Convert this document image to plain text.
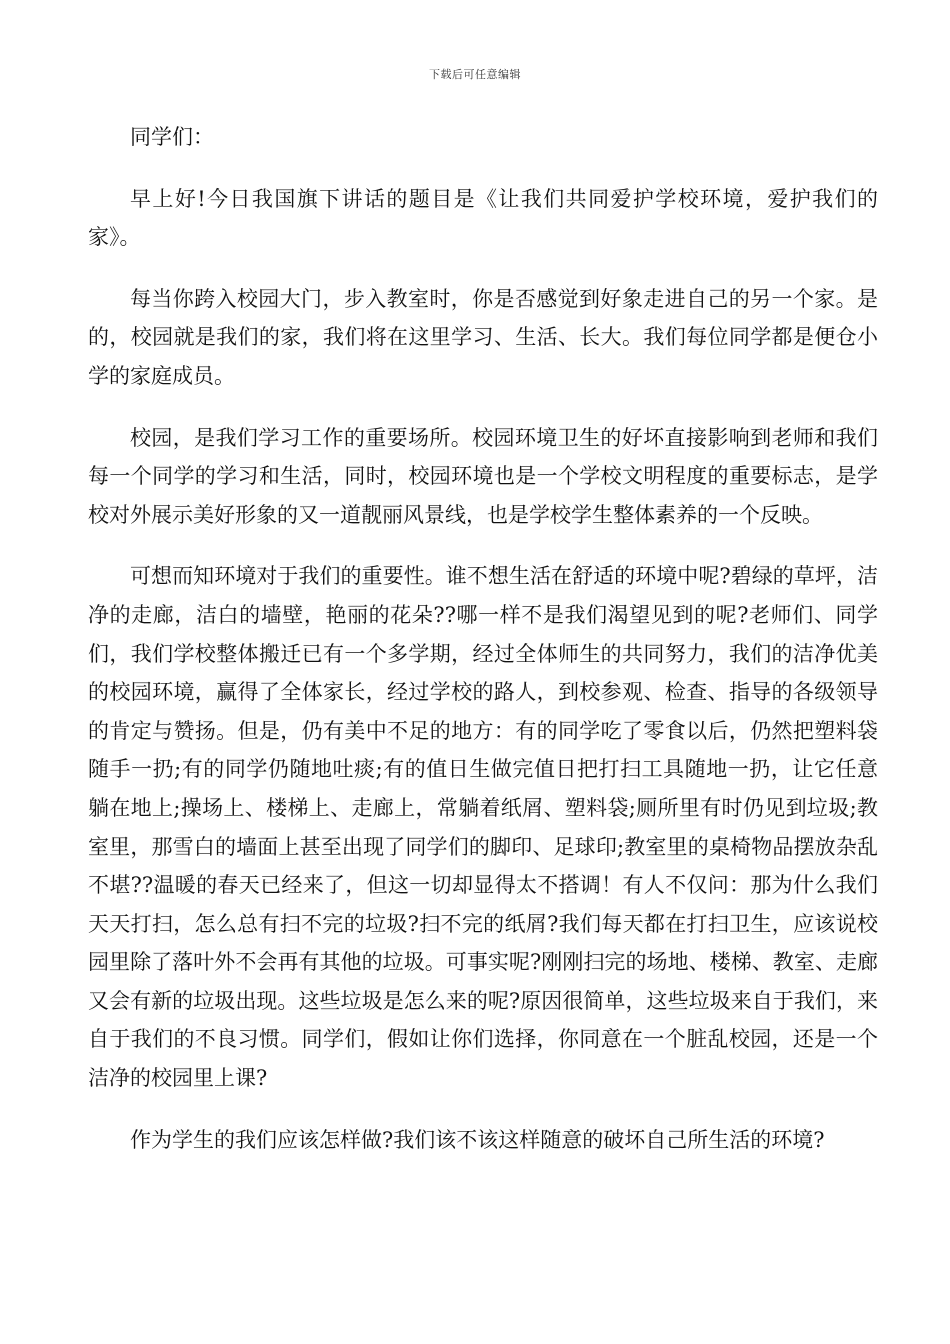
下载后可任意编辑

同学们：

早上好!今日我国旗下讲话的题目是《让我们共同爱护学校环境，爱护我们的家》。

每当你跨入校园大门，步入教室时，你是否感觉到好象走进自己的另一个家。是的，校园就是我们的家，我们将在这里学习、生活、长大。我们每位同学都是便仓小学的家庭成员。

校园，是我们学习工作的重要场所。校园环境卫生的好坏直接影响到老师和我们每一个同学的学习和生活，同时，校园环境也是一个学校文明程度的重要标志，是学校对外展示美好形象的又一道靓丽风景线，也是学校学生整体素养的一个反映。

可想而知环境对于我们的重要性。谁不想生活在舒适的环境中呢?碧绿的草坪，洁净的走廊，洁白的墙壁，艳丽的花朵??哪一样不是我们渴望见到的呢?老师们、同学们，我们学校整体搬迁已有一个多学期，经过全体师生的共同努力，我们的洁净优美的校园环境，赢得了全体家长，经过学校的路人，到校参观、检查、指导的各级领导的肯定与赞扬。但是，仍有美中不足的地方：有的同学吃了零食以后，仍然把塑料袋随手一扔;有的同学仍随地吐痰;有的值日生做完值日把打扫工具随地一扔，让它任意躺在地上;操场上、楼梯上、走廊上，常躺着纸屑、塑料袋;厕所里有时仍见到垃圾;教室里，那雪白的墙面上甚至出现了同学们的脚印、足球印;教室里的桌椅物品摆放杂乱不堪??温暖的春天已经来了，但这一切却显得太不搭调！有人不仅问：那为什么我们天天打扫，怎么总有扫不完的垃圾?扫不完的纸屑?我们每天都在打扫卫生，应该说校园里除了落叶外不会再有其他的垃圾。可事实呢?刚刚扫完的场地、楼梯、教室、走廊又会有新的垃圾出现。这些垃圾是怎么来的呢?原因很简单，这些垃圾来自于我们，来自于我们的不良习惯。同学们，假如让你们选择，你同意在一个脏乱校园，还是一个洁净的校园里上课?

作为学生的我们应该怎样做?我们该不该这样随意的破坏自己所生活的环境?
